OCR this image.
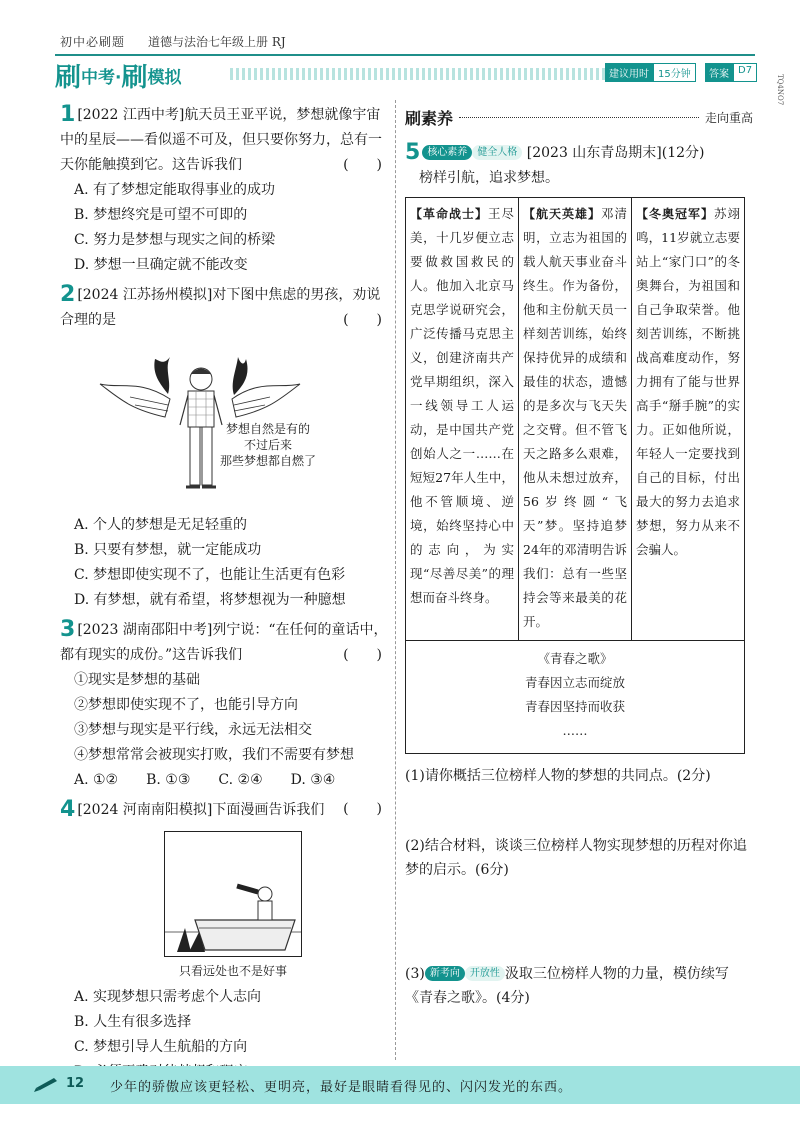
初中必刷题 道德与法治七年级上册 RJ
刷 中考· 刷 模拟	建议用时 15分钟	答案 D7
TQ4NO7
1 [2022 江西中考]航天员王亚平说，梦想就像宇宙中的星辰——看似遥不可及，但只要你努力，总有一天你能触摸到它。这告诉我们	(　　)
A. 有了梦想定能取得事业的成功
B. 梦想终究是可望不可即的
C. 努力是梦想与现实之间的桥梁
D. 梦想一旦确定就不能改变
2 [2024 江苏扬州模拟]对下图中焦虑的男孩，劝说合理的是	(　　)
梦想自然是有的
不过后来
那些梦想都自燃了
A. 个人的梦想是无足轻重的
B. 只要有梦想，就一定能成功
C. 梦想即使实现不了，也能让生活更有色彩
D. 有梦想，就有希望，将梦想视为一种臆想
3 [2023 湖南邵阳中考]列宁说：“在任何的童话中，都有现实的成份。”这告诉我们	(　　)
①现实是梦想的基础
②梦想即使实现不了，也能引导方向
③梦想与现实是平行线，永远无法相交
④梦想常常会被现实打败，我们不需要有梦想
A. ①②　　B. ①③　　C. ②④　　D. ③④
4 [2024 河南南阳模拟]下面漫画告诉我们 (　　)
只看远处也不是好事
A. 实现梦想只需考虑个人志向
B. 人生有很多选择
C. 梦想引导人生航船的方向
刷素养	走向重高
5 核心素养 健全人格 [2023 山东青岛期末](12分)
榜样引航，追求梦想。
【革命战士】王尽美，十几岁便立志要做救国救民的人。他加入北京马克思学说研究会，广泛传播马克思主义，创建济南共产党早期组织，深入一线领导工人运动，是中国共产党创始人之一……在短短27年人生中，他不管顺境、逆境，始终坚持心中的志向，为实现“尽善尽美”的理想而奋斗终身。
【航天英雄】邓清明，立志为祖国的载人航天事业奋斗终生。作为备份，他和主份航天员一样刻苦训练，始终保持优异的成绩和最佳的状态，遗憾的是多次与飞天失之交臂。但不管飞天之路多么艰难，他从未想过放弃，56岁终圆“飞天”梦。坚持追梦24年的邓清明告诉我们：总有一些坚持会等来最美的花开。
【冬奥冠军】苏翊鸣，11岁就立志要站上“家门口”的冬奥舞台，为祖国和自己争取荣誉。他刻苦训练，不断挑战高难度动作，努力拥有了能与世界高手“掰手腕”的实力。正如他所说，年轻人一定要找到自己的目标，付出最大的努力去追求梦想，努力从来不会骗人。
《青春之歌》
青春因立志而绽放
青春因坚持而收获
……
(1)请你概括三位榜样人物的梦想的共同点。(2分)
(2)结合材料，谈谈三位榜样人物实现梦想的历程对你追梦的启示。(6分)
(3) 新考向 开放性 汲取三位榜样人物的力量，模仿续写《青春之歌》。(4分)
12 少年的骄傲应该更轻松、更明亮，最好是眼睛看得见的、闪闪发光的东西。
